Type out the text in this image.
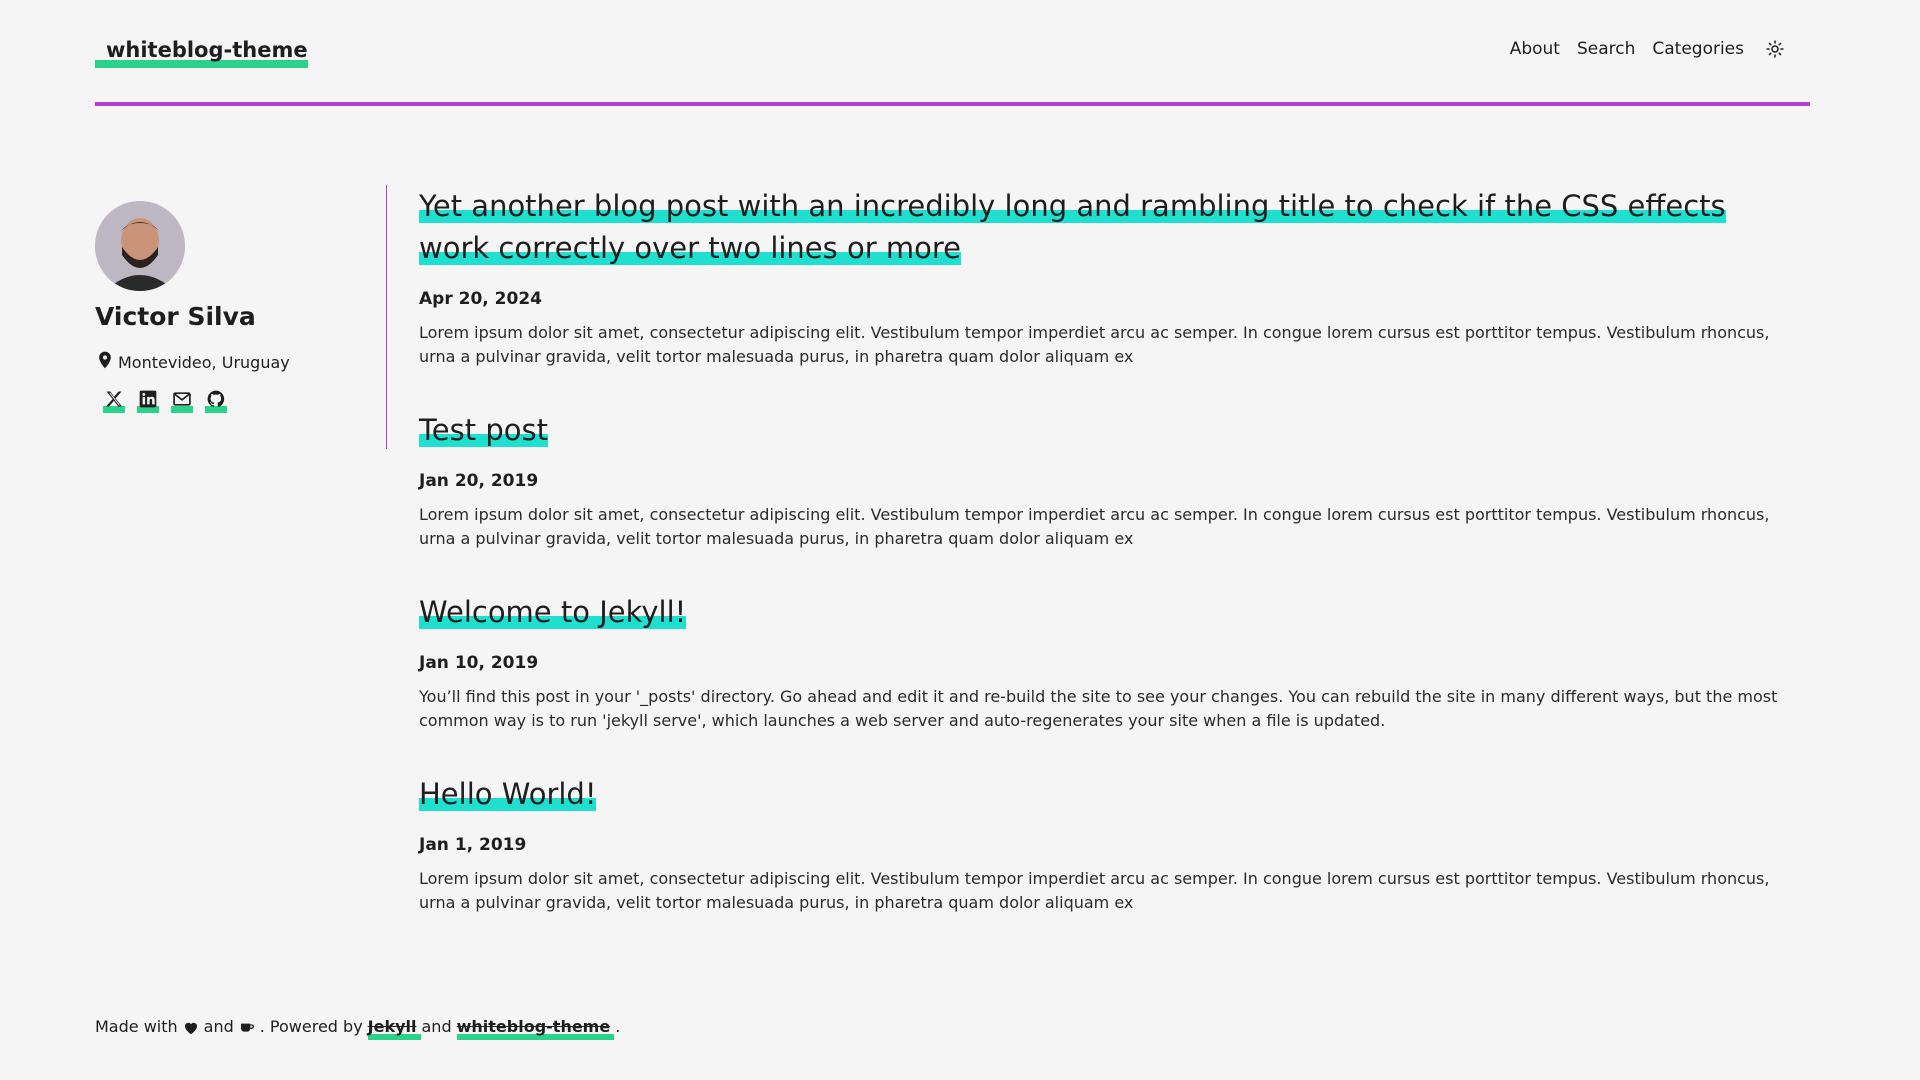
whiteblog-theme	About Search Categories
Victor Silva
Montevideo, Uruguay
Yet another blog post with an incredibly long and rambling title to check if the CSS effects work correctly over two lines or more
Apr 20, 2024

Lorem ipsum dolor sit amet, consectetur adipiscing elit. Vestibulum tempor imperdiet arcu ac semper. In congue lorem cursus est porttitor tempus. Vestibulum rhoncus, urna a pulvinar gravida, velit tortor malesuada purus, in pharetra quam dolor aliquam ex

Test post
Jan 20, 2019

Lorem ipsum dolor sit amet, consectetur adipiscing elit. Vestibulum tempor imperdiet arcu ac semper. In congue lorem cursus est porttitor tempus. Vestibulum rhoncus, urna a pulvinar gravida, velit tortor malesuada purus, in pharetra quam dolor aliquam ex

Welcome to Jekyll!
Jan 10, 2019

You’ll find this post in your '_posts' directory. Go ahead and edit it and re-build the site to see your changes. You can rebuild the site in many different ways, but the most common way is to run 'jekyll serve', which launches a web server and auto-regenerates your site when a file is updated.

Hello World!
Jan 1, 2019

Lorem ipsum dolor sit amet, consectetur adipiscing elit. Vestibulum tempor imperdiet arcu ac semper. In congue lorem cursus est porttitor tempus. Vestibulum rhoncus, urna a pulvinar gravida, velit tortor malesuada purus, in pharetra quam dolor aliquam ex

Made with and . Powered by Jekyll and whiteblog-theme .
